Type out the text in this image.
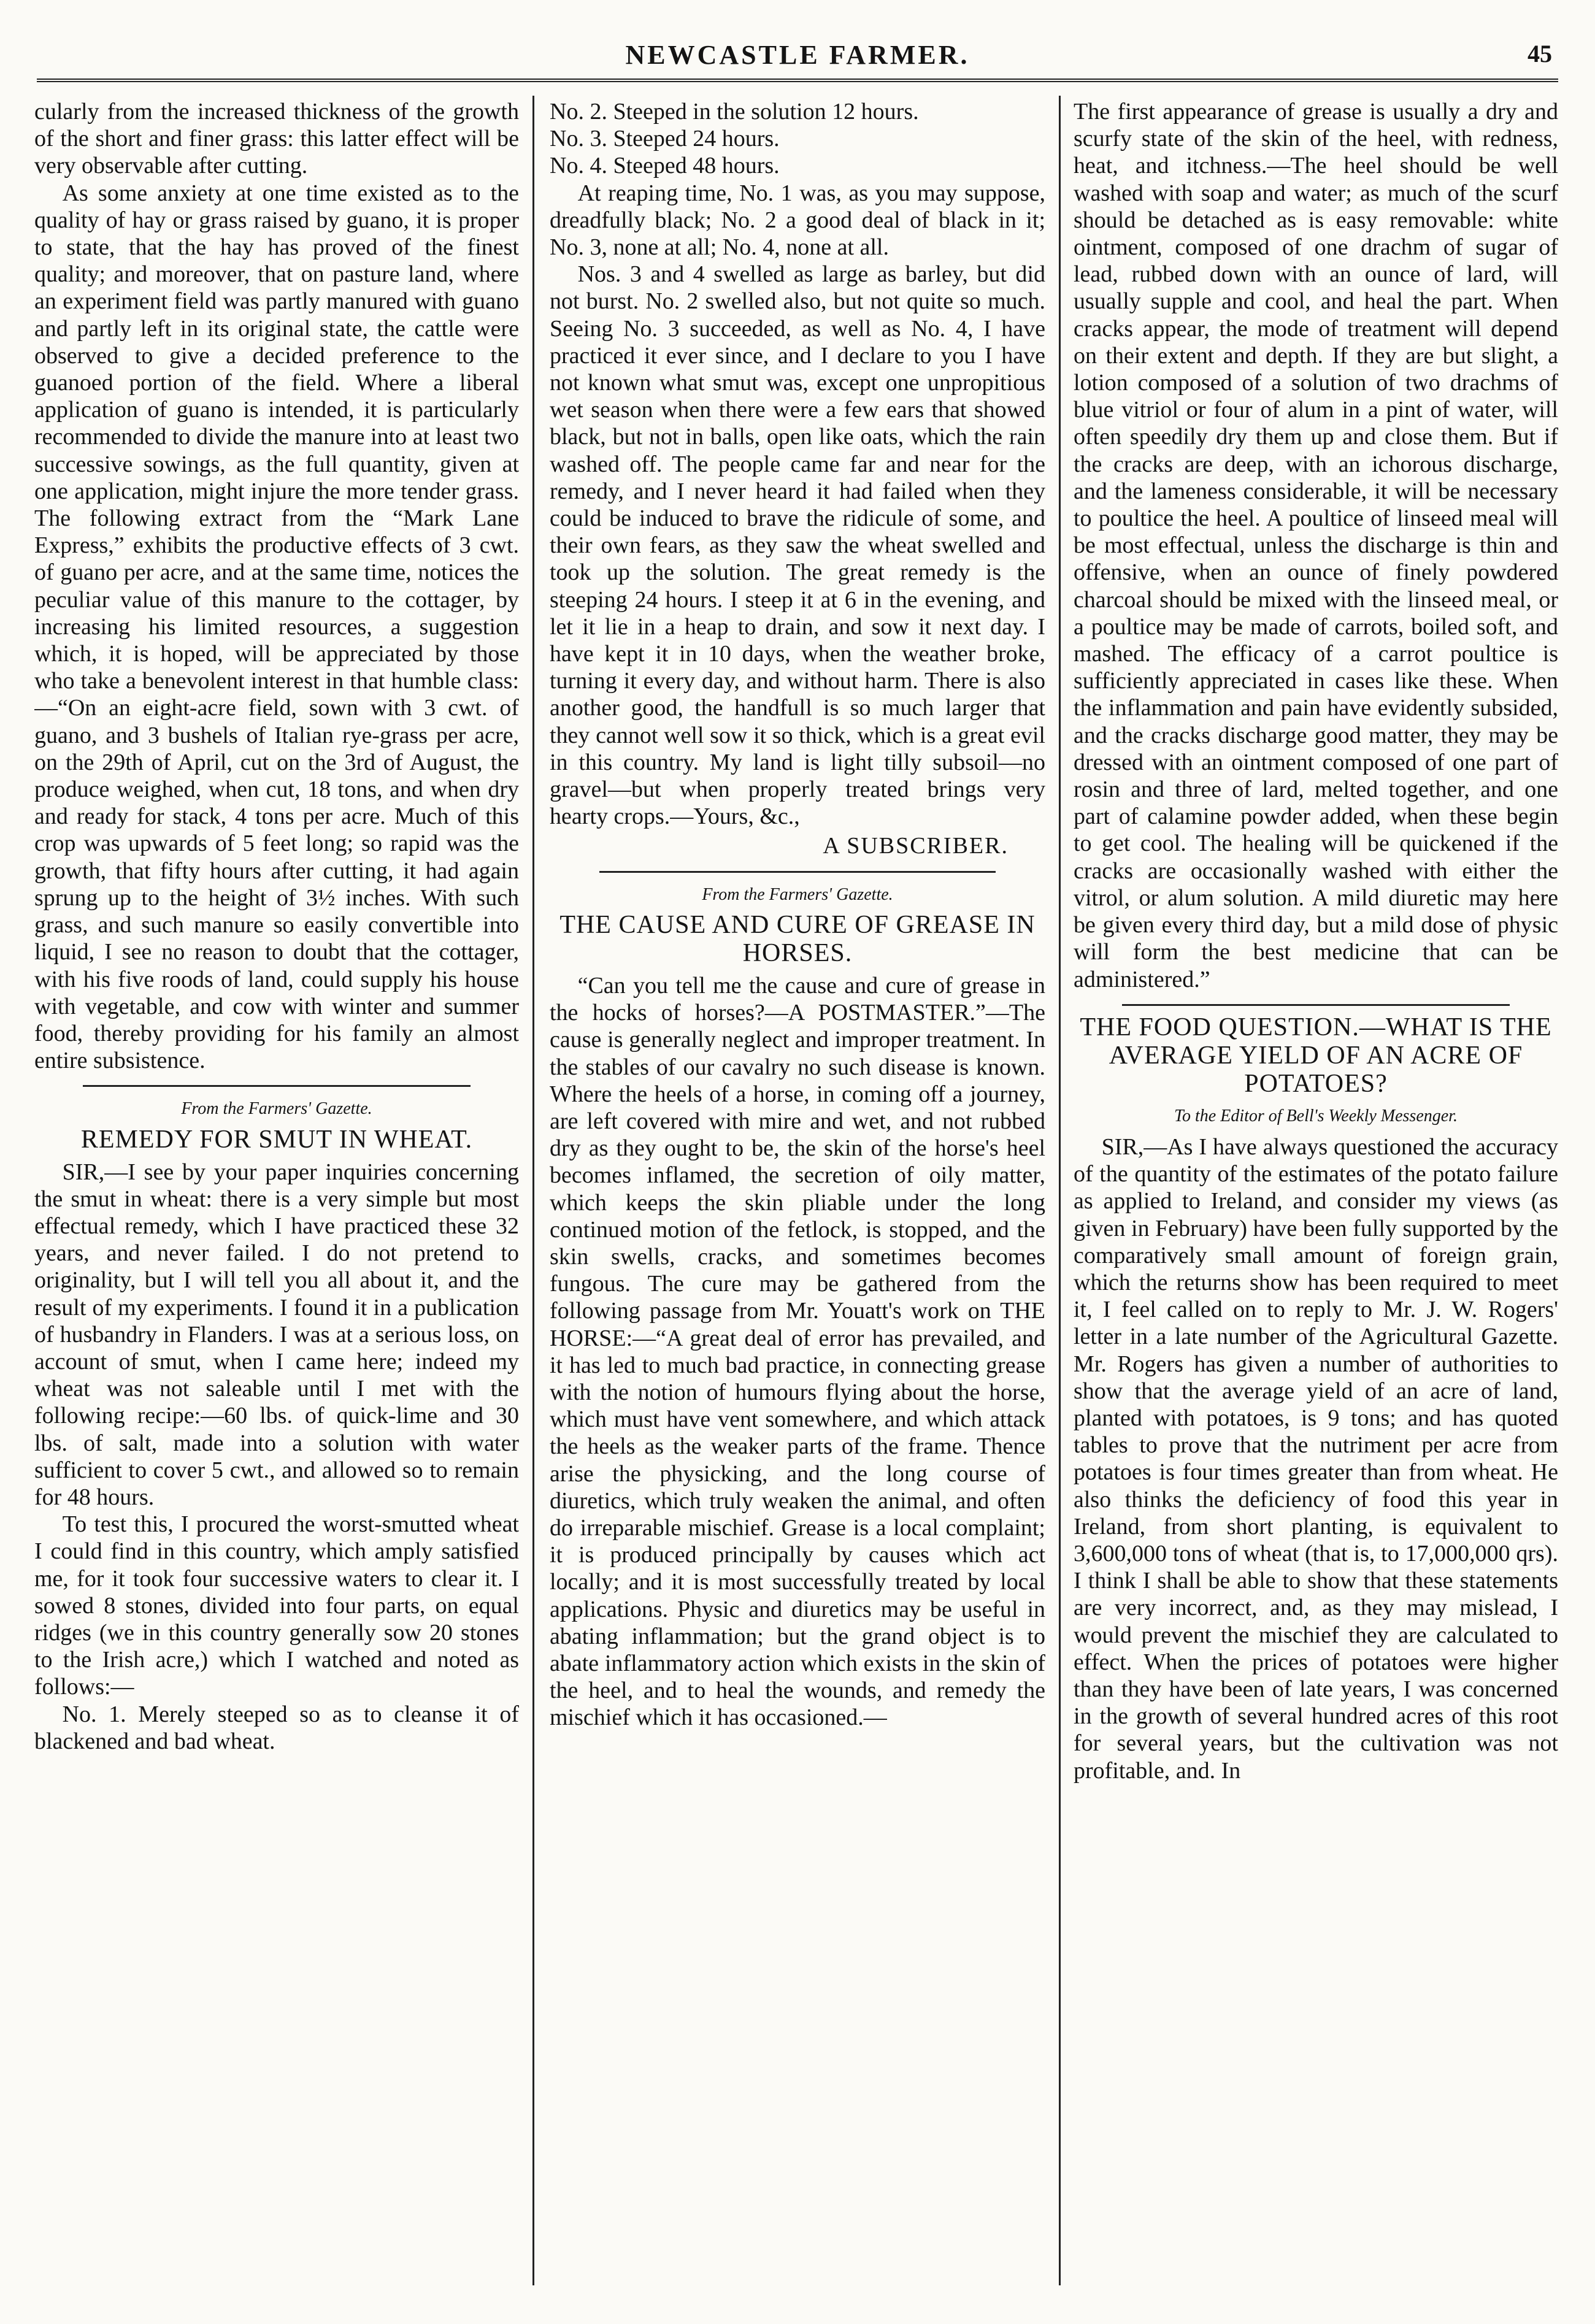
NEWCASTLE FARMER.	45

cularly from the increased thickness of the growth of the short and finer grass: this latter effect will be very observable after cutting.

As some anxiety at one time existed as to the quality of hay or grass raised by guano, it is proper to state, that the hay has proved of the finest quality; and moreover, that on pasture land, where an experiment field was partly manured with guano and partly left in its original state, the cattle were observed to give a decided preference to the guanoed portion of the field. Where a liberal application of guano is intended, it is particularly recommended to divide the manure into at least two successive sowings, as the full quantity, given at one application, might injure the more tender grass. The following extract from the “Mark Lane Express,” exhibits the productive effects of 3 cwt. of guano per acre, and at the same time, notices the peculiar value of this manure to the cottager, by increasing his limited resources, a suggestion which, it is hoped, will be appreciated by those who take a benevolent interest in that humble class:—“On an eight-acre field, sown with 3 cwt. of guano, and 3 bushels of Italian rye-grass per acre, on the 29th of April, cut on the 3rd of August, the produce weighed, when cut, 18 tons, and when dry and ready for stack, 4 tons per acre. Much of this crop was upwards of 5 feet long; so rapid was the growth, that fifty hours after cutting, it had again sprung up to the height of 3½ inches. With such grass, and such manure so easily convertible into liquid, I see no reason to doubt that the cottager, with his five roods of land, could supply his house with vegetable, and cow with winter and summer food, thereby providing for his family an almost entire subsistence.

From the Farmers' Gazette.
REMEDY FOR SMUT IN WHEAT.

SIR,—I see by your paper inquiries concerning the smut in wheat: there is a very simple but most effectual remedy, which I have practiced these 32 years, and never failed. I do not pretend to originality, but I will tell you all about it, and the result of my experiments. I found it in a publication of husbandry in Flanders. I was at a serious loss, on account of smut, when I came here; indeed my wheat was not saleable until I met with the following recipe:—60 lbs. of quick-lime and 30 lbs. of salt, made into a solution with water sufficient to cover 5 cwt., and allowed so to remain for 48 hours.

To test this, I procured the worst-smutted wheat I could find in this country, which amply satisfied me, for it took four successive waters to clear it. I sowed 8 stones, divided into four parts, on equal ridges (we in this country generally sow 20 stones to the Irish acre,) which I watched and noted as follows:—

No. 1. Merely steeped so as to cleanse it of blackened and bad wheat.

No. 2. Steeped in the solution 12 hours.

No. 3. Steeped 24 hours.

No. 4. Steeped 48 hours.

At reaping time, No. 1 was, as you may suppose, dreadfully black; No. 2 a good deal of black in it; No. 3, none at all; No. 4, none at all.

Nos. 3 and 4 swelled as large as barley, but did not burst. No. 2 swelled also, but not quite so much. Seeing No. 3 succeeded, as well as No. 4, I have practiced it ever since, and I declare to you I have not known what smut was, except one unpropitious wet season when there were a few ears that showed black, but not in balls, open like oats, which the rain washed off. The people came far and near for the remedy, and I never heard it had failed when they could be induced to brave the ridicule of some, and their own fears, as they saw the wheat swelled and took up the solution. The great remedy is the steeping 24 hours. I steep it at 6 in the evening, and let it lie in a heap to drain, and sow it next day. I have kept it in 10 days, when the weather broke, turning it every day, and without harm. There is also another good, the handfull is so much larger that they cannot well sow it so thick, which is a great evil in this country. My land is light tilly subsoil—no gravel—but when properly treated brings very hearty crops.—Yours, &c.,

A SUBSCRIBER.
From the Farmers' Gazette.
THE CAUSE AND CURE OF GREASE IN HORSES.

“Can you tell me the cause and cure of grease in the hocks of horses?—A POSTMASTER.”—The cause is generally neglect and improper treatment. In the stables of our cavalry no such disease is known. Where the heels of a horse, in coming off a journey, are left covered with mire and wet, and not rubbed dry as they ought to be, the skin of the horse's heel becomes inflamed, the secretion of oily matter, which keeps the skin pliable under the long continued motion of the fetlock, is stopped, and the skin swells, cracks, and sometimes becomes fungous. The cure may be gathered from the following passage from Mr. Youatt's work on THE HORSE:—“A great deal of error has prevailed, and it has led to much bad practice, in connecting grease with the notion of humours flying about the horse, which must have vent somewhere, and which attack the heels as the weaker parts of the frame. Thence arise the physicking, and the long course of diuretics, which truly weaken the animal, and often do irreparable mischief. Grease is a local complaint; it is produced principally by causes which act locally; and it is most successfully treated by local applications. Physic and diuretics may be useful in abating inflammation; but the grand object is to abate inflammatory action which exists in the skin of the heel, and to heal the wounds, and remedy the mischief which it has occasioned.—

The first appearance of grease is usually a dry and scurfy state of the skin of the heel, with redness, heat, and itchness.—The heel should be well washed with soap and water; as much of the scurf should be detached as is easy removable: white ointment, composed of one drachm of sugar of lead, rubbed down with an ounce of lard, will usually supple and cool, and heal the part. When cracks appear, the mode of treatment will depend on their extent and depth. If they are but slight, a lotion composed of a solution of two drachms of blue vitriol or four of alum in a pint of water, will often speedily dry them up and close them. But if the cracks are deep, with an ichorous discharge, and the lameness considerable, it will be necessary to poultice the heel. A poultice of linseed meal will be most effectual, unless the discharge is thin and offensive, when an ounce of finely powdered charcoal should be mixed with the linseed meal, or a poultice may be made of carrots, boiled soft, and mashed. The efficacy of a carrot poultice is sufficiently appreciated in cases like these. When the inflammation and pain have evidently subsided, and the cracks discharge good matter, they may be dressed with an ointment composed of one part of rosin and three of lard, melted together, and one part of calamine powder added, when these begin to get cool. The healing will be quickened if the cracks are occasionally washed with either the vitrol, or alum solution. A mild diuretic may here be given every third day, but a mild dose of physic will form the best medicine that can be administered.”

THE FOOD QUESTION.—WHAT IS THE AVERAGE YIELD OF AN ACRE OF POTATOES?
To the Editor of Bell's Weekly Messenger.

SIR,—As I have always questioned the accuracy of the quantity of the estimates of the potato failure as applied to Ireland, and consider my views (as given in February) have been fully supported by the comparatively small amount of foreign grain, which the returns show has been required to meet it, I feel called on to reply to Mr. J. W. Rogers' letter in a late number of the Agricultural Gazette. Mr. Rogers has given a number of authorities to show that the average yield of an acre of land, planted with potatoes, is 9 tons; and has quoted tables to prove that the nutriment per acre from potatoes is four times greater than from wheat. He also thinks the deficiency of food this year in Ireland, from short planting, is equivalent to 3,600,000 tons of wheat (that is, to 17,000,000 qrs). I think I shall be able to show that these statements are very incorrect, and, as they may mislead, I would prevent the mischief they are calculated to effect. When the prices of potatoes were higher than they have been of late years, I was concerned in the growth of several hundred acres of this root for several years, but the cultivation was not profitable, and. In
